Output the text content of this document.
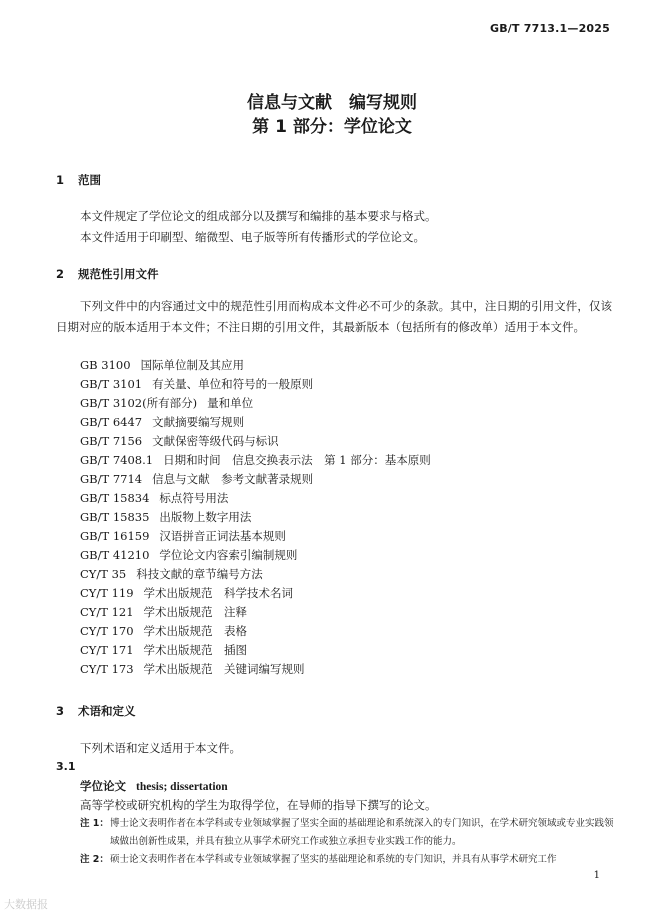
GB/T 7713.1—2025
信息与文献　编写规则
第 1 部分：学位论文
1 范围
本文件规定了学位论文的组成部分以及撰写和编排的基本要求与格式。
本文件适用于印刷型、缩微型、电子版等所有传播形式的学位论文。
2 规范性引用文件

下列文件中的内容通过文中的规范性引用而构成本文件必不可少的条款。其中，注日期的引用文件，仅该日期对应的版本适用于本文件；不注日期的引用文件，其最新版本（包括所有的修改单）适用于本文件。

GB 3100 国际单位制及其应用
GB/T 3101 有关量、单位和符号的一般原则
GB/T 3102(所有部分) 量和单位
GB/T 6447 文献摘要编写规则
GB/T 7156 文献保密等级代码与标识
GB/T 7408.1 日期和时间　信息交换表示法　第 1 部分：基本原则
GB/T 7714 信息与文献　参考文献著录规则
GB/T 15834 标点符号用法
GB/T 15835 出版物上数字用法
GB/T 16159 汉语拼音正词法基本规则
GB/T 41210 学位论文内容索引编制规则
CY/T 35 科技文献的章节编号方法
CY/T 119 学术出版规范　科学技术名词
CY/T 121 学术出版规范　注释
CY/T 170 学术出版规范　表格
CY/T 171 学术出版规范　插图
CY/T 173 学术出版规范　关键词编写规则
3 术语和定义
下列术语和定义适用于本文件。
3.1
学位论文 thesis; dissertation
高等学校或研究机构的学生为取得学位，在导师的指导下撰写的论文。
注 1： 博士论文表明作者在本学科或专业领域掌握了坚实全面的基础理论和系统深入的专门知识，在学术研究领域或专业实践领域做出创新性成果，并具有独立从事学术研究工作或独立承担专业实践工作的能力。
注 2： 硕士论文表明作者在本学科或专业领域掌握了坚实的基础理论和系统的专门知识，并具有从事学术研究工作
1
大数据报
